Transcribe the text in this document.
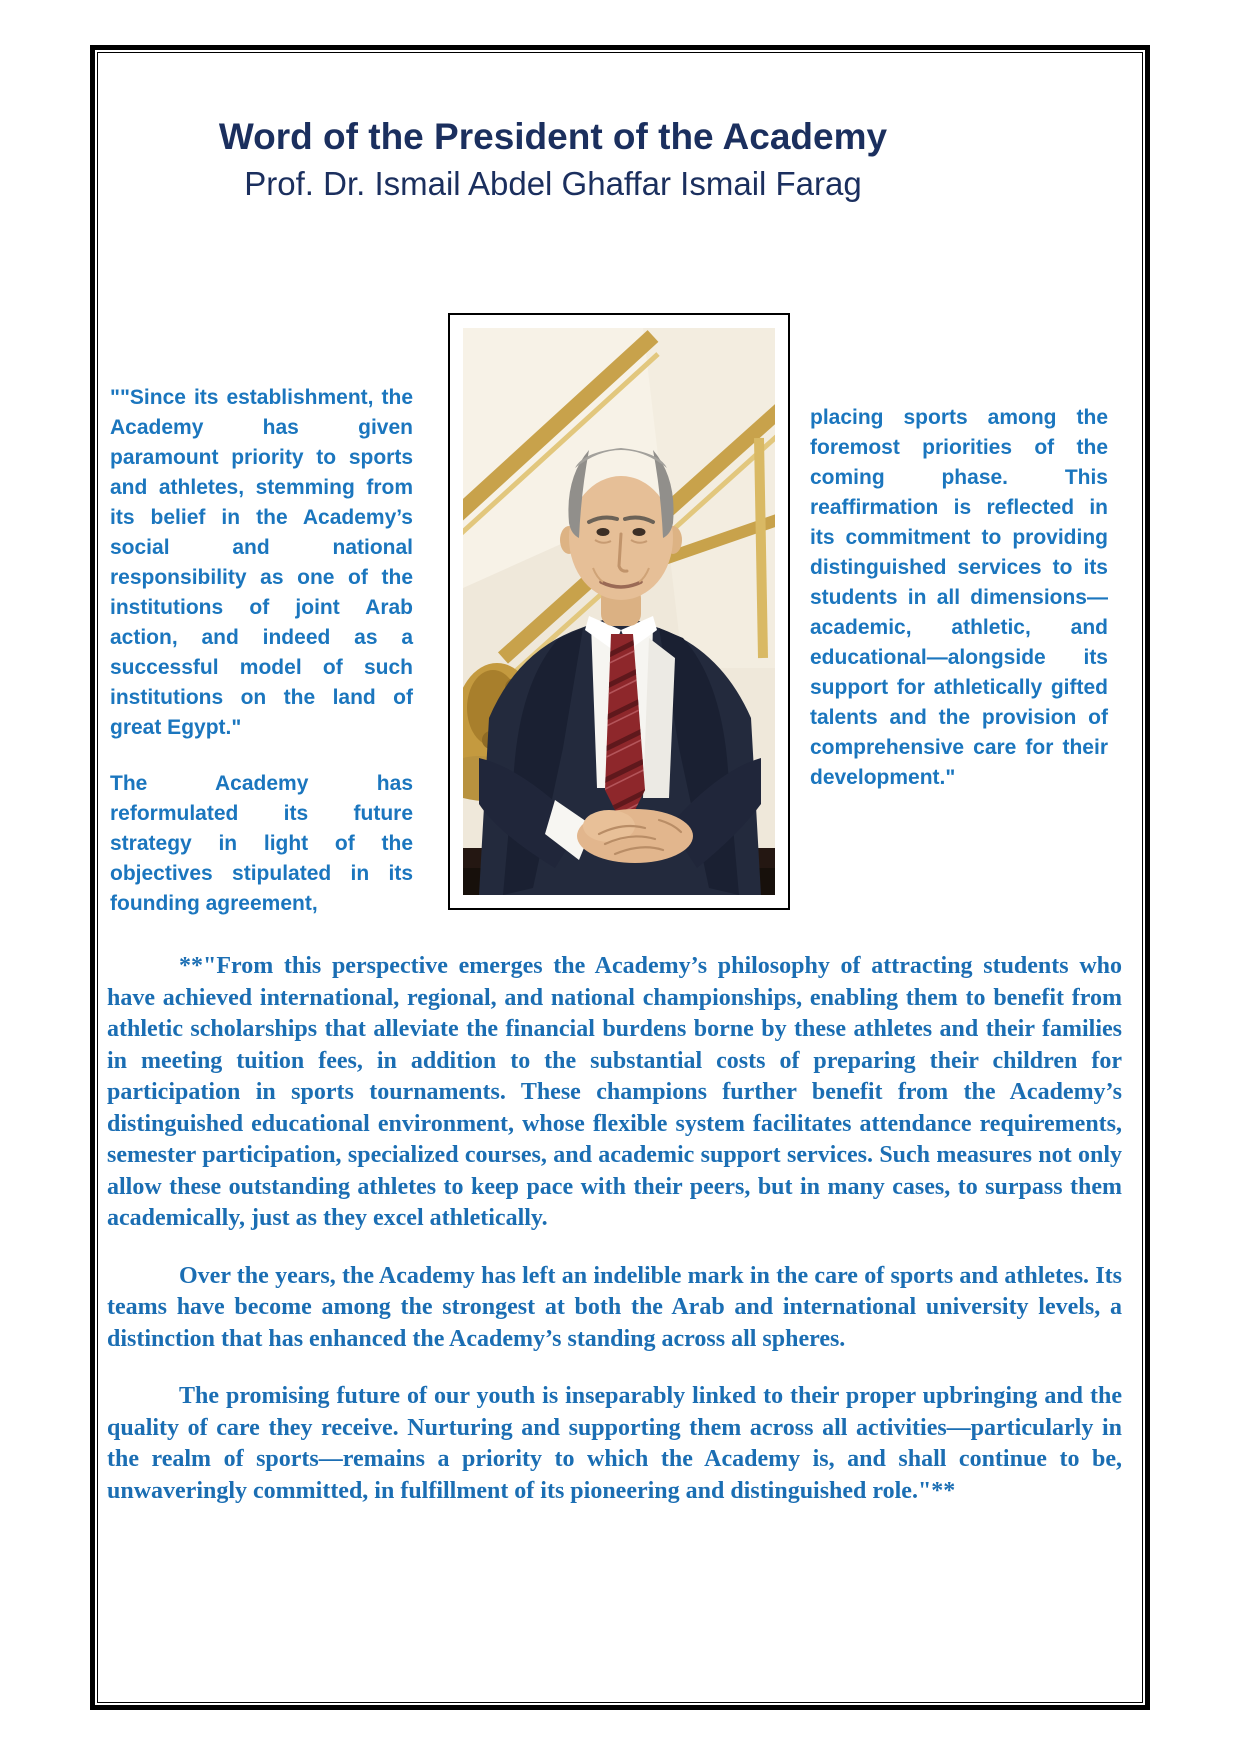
Word of the President of the Academy
Prof. Dr. Ismail Abdel Ghaffar Ismail Farag

""Since its establishment, the Academy has given paramount priority to sports and athletes, stemming from its belief in the Academy’s social and national responsibility as one of the institutions of joint Arab action, and indeed as a successful model of such institutions on the land of great Egypt."

The Academy has reformulated its future strategy in light of the objectives stipulated in its founding agreement,

placing sports among the foremost priorities of the coming phase. This reaffirmation is reflected in its commitment to providing distinguished services to its students in all dimensions—academic, athletic, and educational—alongside its support for athletically gifted talents and the provision of comprehensive care for their development."

**"From this perspective emerges the Academy’s philosophy of attracting students who have achieved international, regional, and national championships, enabling them to benefit from athletic scholarships that alleviate the financial burdens borne by these athletes and their families in meeting tuition fees, in addition to the substantial costs of preparing their children for participation in sports tournaments. These champions further benefit from the Academy’s distinguished educational environment, whose flexible system facilitates attendance requirements, semester participation, specialized courses, and academic support services. Such measures not only allow these outstanding athletes to keep pace with their peers, but in many cases, to surpass them academically, just as they excel athletically.

Over the years, the Academy has left an indelible mark in the care of sports and athletes. Its teams have become among the strongest at both the Arab and international university levels, a distinction that has enhanced the Academy’s standing across all spheres.

The promising future of our youth is inseparably linked to their proper upbringing and the quality of care they receive. Nurturing and supporting them across all activities—particularly in the realm of sports—remains a priority to which the Academy is, and shall continue to be, unwaveringly committed, in fulfillment of its pioneering and distinguished role."**
